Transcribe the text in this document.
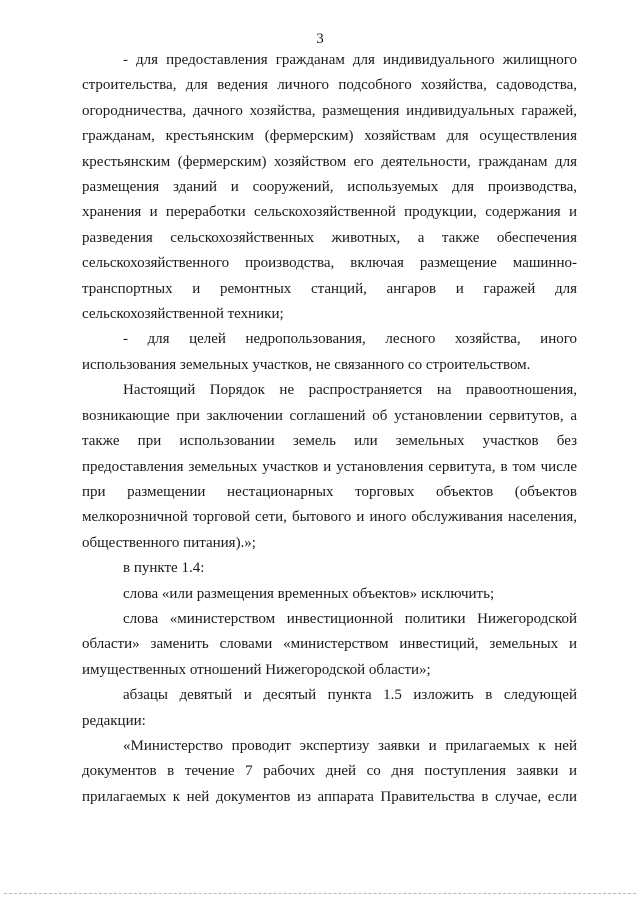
3

- для предоставления гражданам для индивидуального жилищного строительства, для ведения личного подсобного хозяйства, садоводства, огородничества, дачного хозяйства, размещения индивидуальных гаражей, гражданам, крестьянским (фермерским) хозяйствам для осуществления крестьянским (фермерским) хозяйством его деятельности, гражданам для размещения зданий и сооружений, используемых для производства, хранения и переработки сельскохозяйственной продукции, содержания и разведения сельскохозяйственных животных, а также обеспечения сельскохозяйственного производства, включая размещение машинно-транспортных и ремонтных станций, ангаров и гаражей для сельскохозяйственной техники;

- для целей недропользования, лесного хозяйства, иного использования земельных участков, не связанного со строительством.

Настоящий Порядок не распространяется на правоотношения, возникающие при заключении соглашений об установлении сервитутов, а также при использовании земель или земельных участков без предоставления земельных участков и установления сервитута, в том числе при размещении нестационарных торговых объектов (объектов мелкорозничной торговой сети, бытового и иного обслуживания населения, общественного питания).»;

в пункте 1.4:

слова «или размещения временных объектов» исключить;

слова «министерством инвестиционной политики Нижегородской области» заменить словами «министерством инвестиций, земельных и имущественных отношений Нижегородской области»;

абзацы девятый и десятый пункта 1.5 изложить в следующей редакции:

«Министерство проводит экспертизу заявки и прилагаемых к ней документов в течение 7 рабочих дней со дня поступления заявки и прилагаемых к ней документов из аппарата Правительства в случае, если
